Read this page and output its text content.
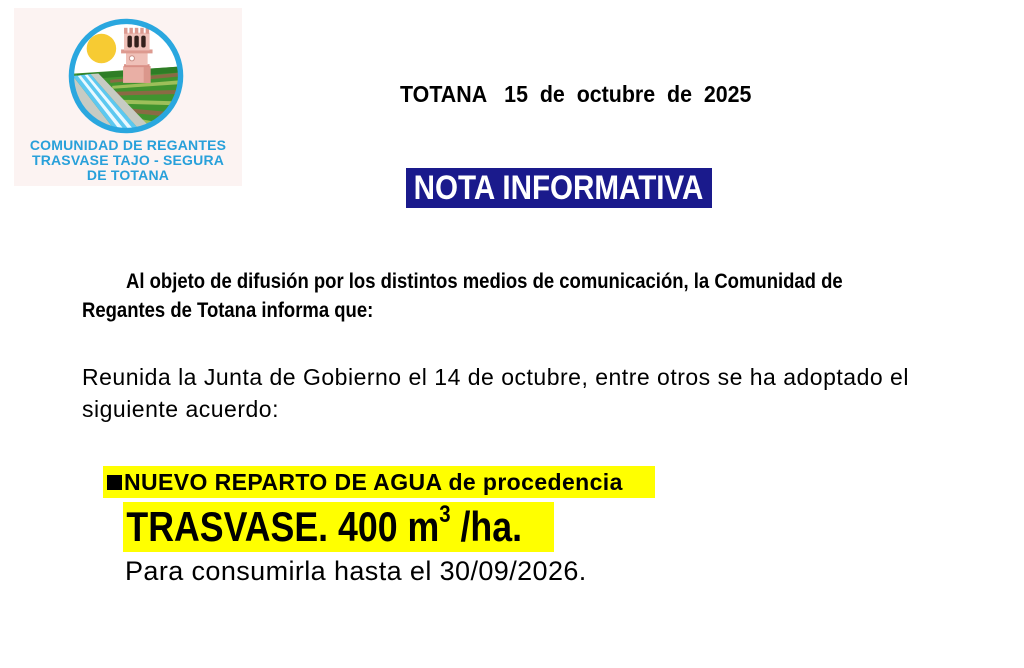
COMUNIDAD DE REGANTES
TRASVASE TAJO - SEGURA
DE TOTANA
TOTANA   15  de  octubre  de  2025
NOTA INFORMATIVA
Al objeto de difusión por los distintos medios de comunicación, la Comunidad de
Regantes de Totana informa que:
Reunida la Junta de Gobierno el 14 de octubre, entre otros se ha adoptado el
siguiente acuerdo:
NUEVO REPARTO DE AGUA de procedencia
TRASVASE. 400 $m^3$ /ha.
Para consumirla hasta el 30/09/2026.
